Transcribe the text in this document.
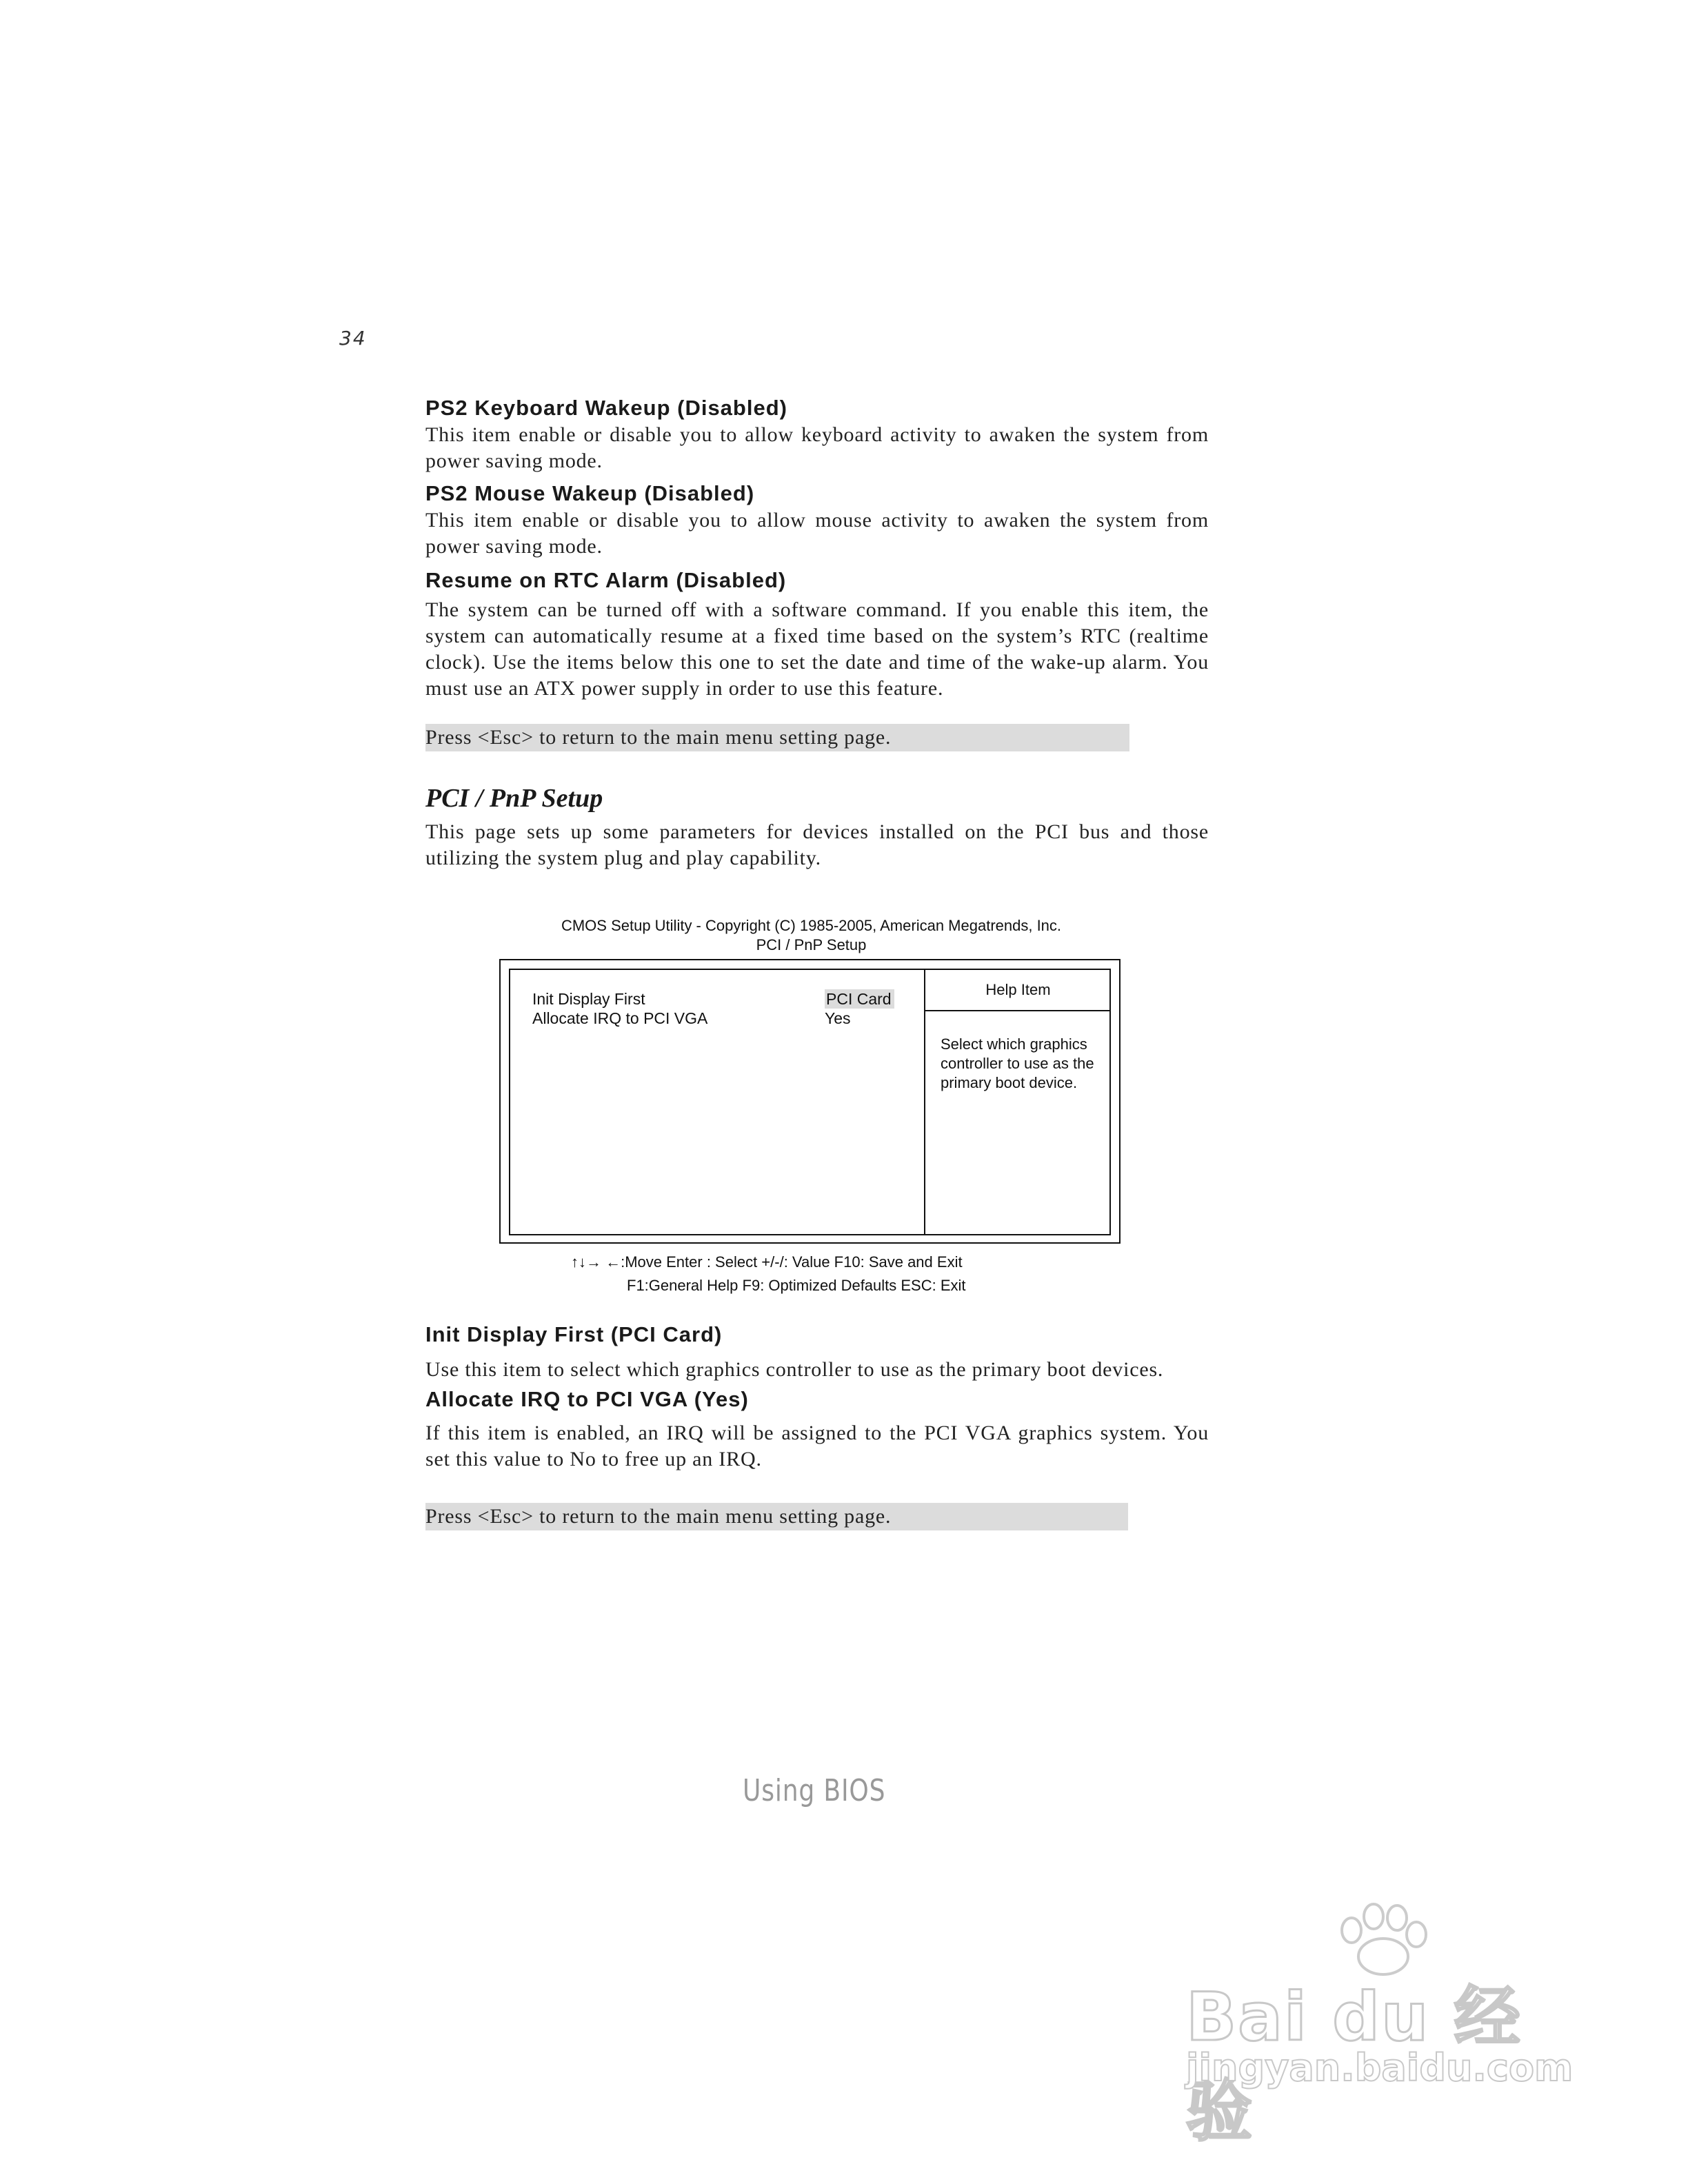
34
PS2 Keyboard Wakeup (Disabled)

This item enable or disable you to allow keyboard activity to awaken the system from power saving mode.

PS2 Mouse Wakeup (Disabled)

This item enable or disable you to allow mouse activity to awaken the system from power saving mode.

Resume on RTC Alarm (Disabled)

The system can be turned off with a software command. If you enable this item, the system can automatically resume at a fixed time based on the system’s RTC (realtime clock). Use the items below this one to set the date and time of the wake-up alarm. You must use an ATX power supply in order to use this feature.

Press <Esc> to return to the main menu setting page.
PCI / PnP Setup

This page sets up some parameters for devices installed on the PCI bus and those utilizing the system plug and play capability.

CMOS Setup Utility - Copyright (C) 1985-2005, American Megatrends, Inc.
PCI / PnP Setup
Init Display First	PCI Card
Allocate IRQ to PCI VGA	Yes
Help Item
Select which graphics controller to use as the primary boot device.
↑↓→ ←:Move Enter : Select +/-/: Value F10: Save and Exit
F1:General Help F9: Optimized Defaults ESC: Exit
Init Display First (PCI Card)

Use this item to select which graphics controller to use as the primary boot devices.

Allocate IRQ to PCI VGA (Yes)

If this item is enabled, an IRQ will be assigned to the PCI VGA graphics system. You set this value to No to free up an IRQ.

Press <Esc> to return to the main menu setting page.
Using BIOS
Bai du 经验
jingyan.baidu.com
